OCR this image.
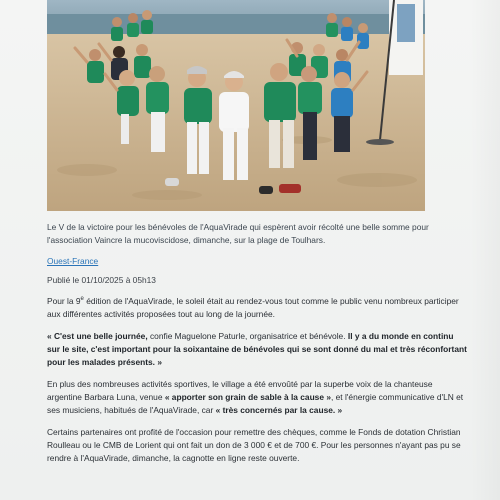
Le V de la victoire pour les bénévoles de l'AquaVirade qui espèrent avoir récolté une belle somme pour l'association Vaincre la mucoviscidose, dimanche, sur la plage de Toulhars.
Ouest-France
Publié le 01/10/2025 à 05h13

Pour la 9e édition de l'AquaVirade, le soleil était au rendez-vous tout comme le public venu nombreux participer aux différentes activités proposées tout au long de la journée.

« C'est une belle journée, confie Maguelone Paturle, organisatrice et bénévole. Il y a du monde en continu sur le site, c'est important pour la soixantaine de bénévoles qui se sont donné du mal et très réconfortant pour les malades présents. »

En plus des nombreuses activités sportives, le village a été envoûté par la superbe voix de la chanteuse argentine Barbara Luna, venue « apporter son grain de sable à la cause », et l'énergie communicative d'LN et ses musiciens, habitués de l'AquaVirade, car « très concernés par la cause. »

Certains partenaires ont profité de l'occasion pour remettre des chèques, comme le Fonds de dotation Christian Roulleau ou le CMB de Lorient qui ont fait un don de 3 000 € et de 700 €. Pour les personnes n'ayant pas pu se rendre à l'AquaVirade, dimanche, la cagnotte en ligne reste ouverte.
